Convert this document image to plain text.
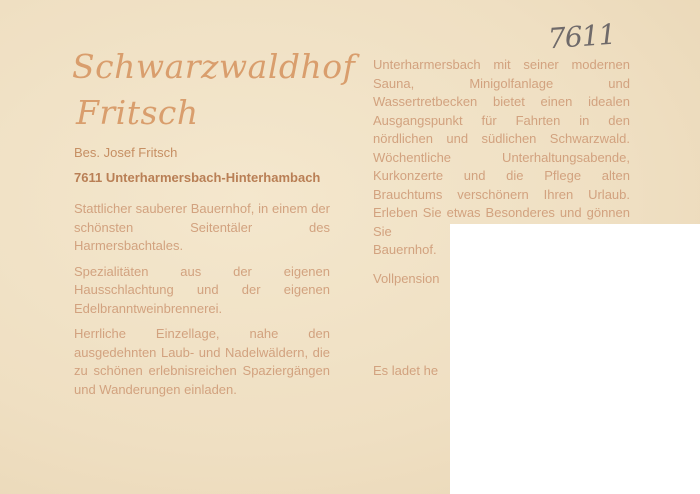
Schwarzwaldhof
Fritsch
Bes. Josef Fritsch
7611 Unterharmersbach-Hinterhambach

Stattlicher sauberer Bauernhof, in einem der schönsten Seitentäler des Harmersbachtales.

Spezialitäten aus der eigenen Hausschlachtung und der eigenen Edelbranntweinbrennerei.

Herrliche Einzellage, nahe den ausgedehnten Laub- und Nadelwäldern, die zu schönen erlebnisreichen Spaziergängen und Wanderungen einladen.

Unterharmersbach mit seiner modernen Sauna, Minigolfanlage und Wassertretbecken bietet einen idealen Ausgangspunkt für Fahrten in den nördlichen und südlichen Schwarzwald. Wöchentliche Unterhaltungsabende, Kurkonzerte und die Pflege alten Brauchtums verschönern Ihren Urlaub. Erleben Sie etwas Besonderes und gönnen Sie

Bauernhof.

Vollpension
Es ladet he
7611
